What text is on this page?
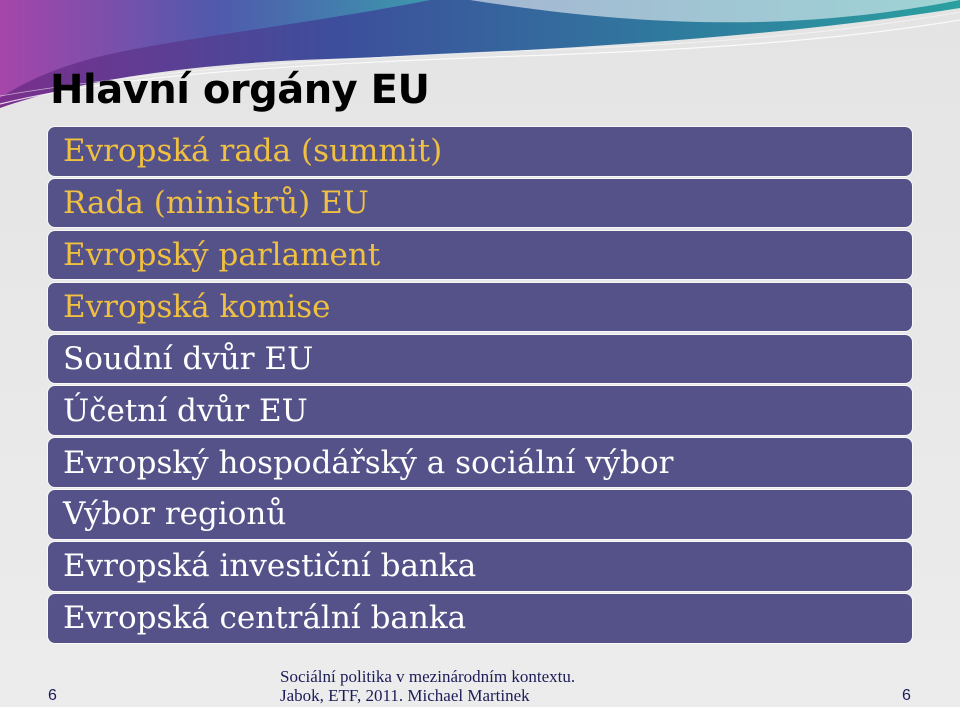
Hlavní orgány EU
Evropská rada (summit)
Rada (ministrů) EU
Evropský parlament
Evropská komise
Soudní dvůr EU
Účetní dvůr EU
Evropský hospodářský a sociální výbor
Výbor regionů
Evropská investiční banka
Evropská centrální banka
6
Sociální politika v mezinárodním kontextu.
Jabok, ETF, 2011. Michael Martinek	6
